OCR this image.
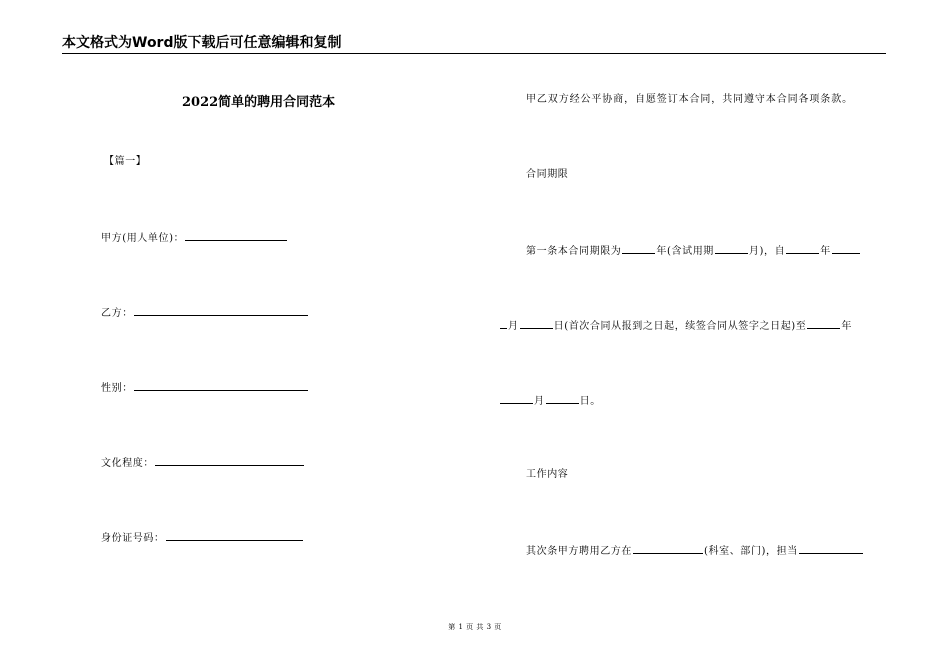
本文格式为Word版下载后可任意编辑和复制
2022简单的聘用合同范本
【篇一】
甲方(用人单位)：
乙方：
性别：
文化程度：
身份证号码：
甲乙双方经公平协商，自愿签订本合同，共同遵守本合同各项条款。
合同期限
第一条本合同期限为	年(含试用期	月)，自	年
月	日(首次合同从报到之日起，续签合同从签字之日起)至	年
月	日。
工作内容
其次条甲方聘用乙方在	(科室、部门)，担当
第 1 页 共 3 页
